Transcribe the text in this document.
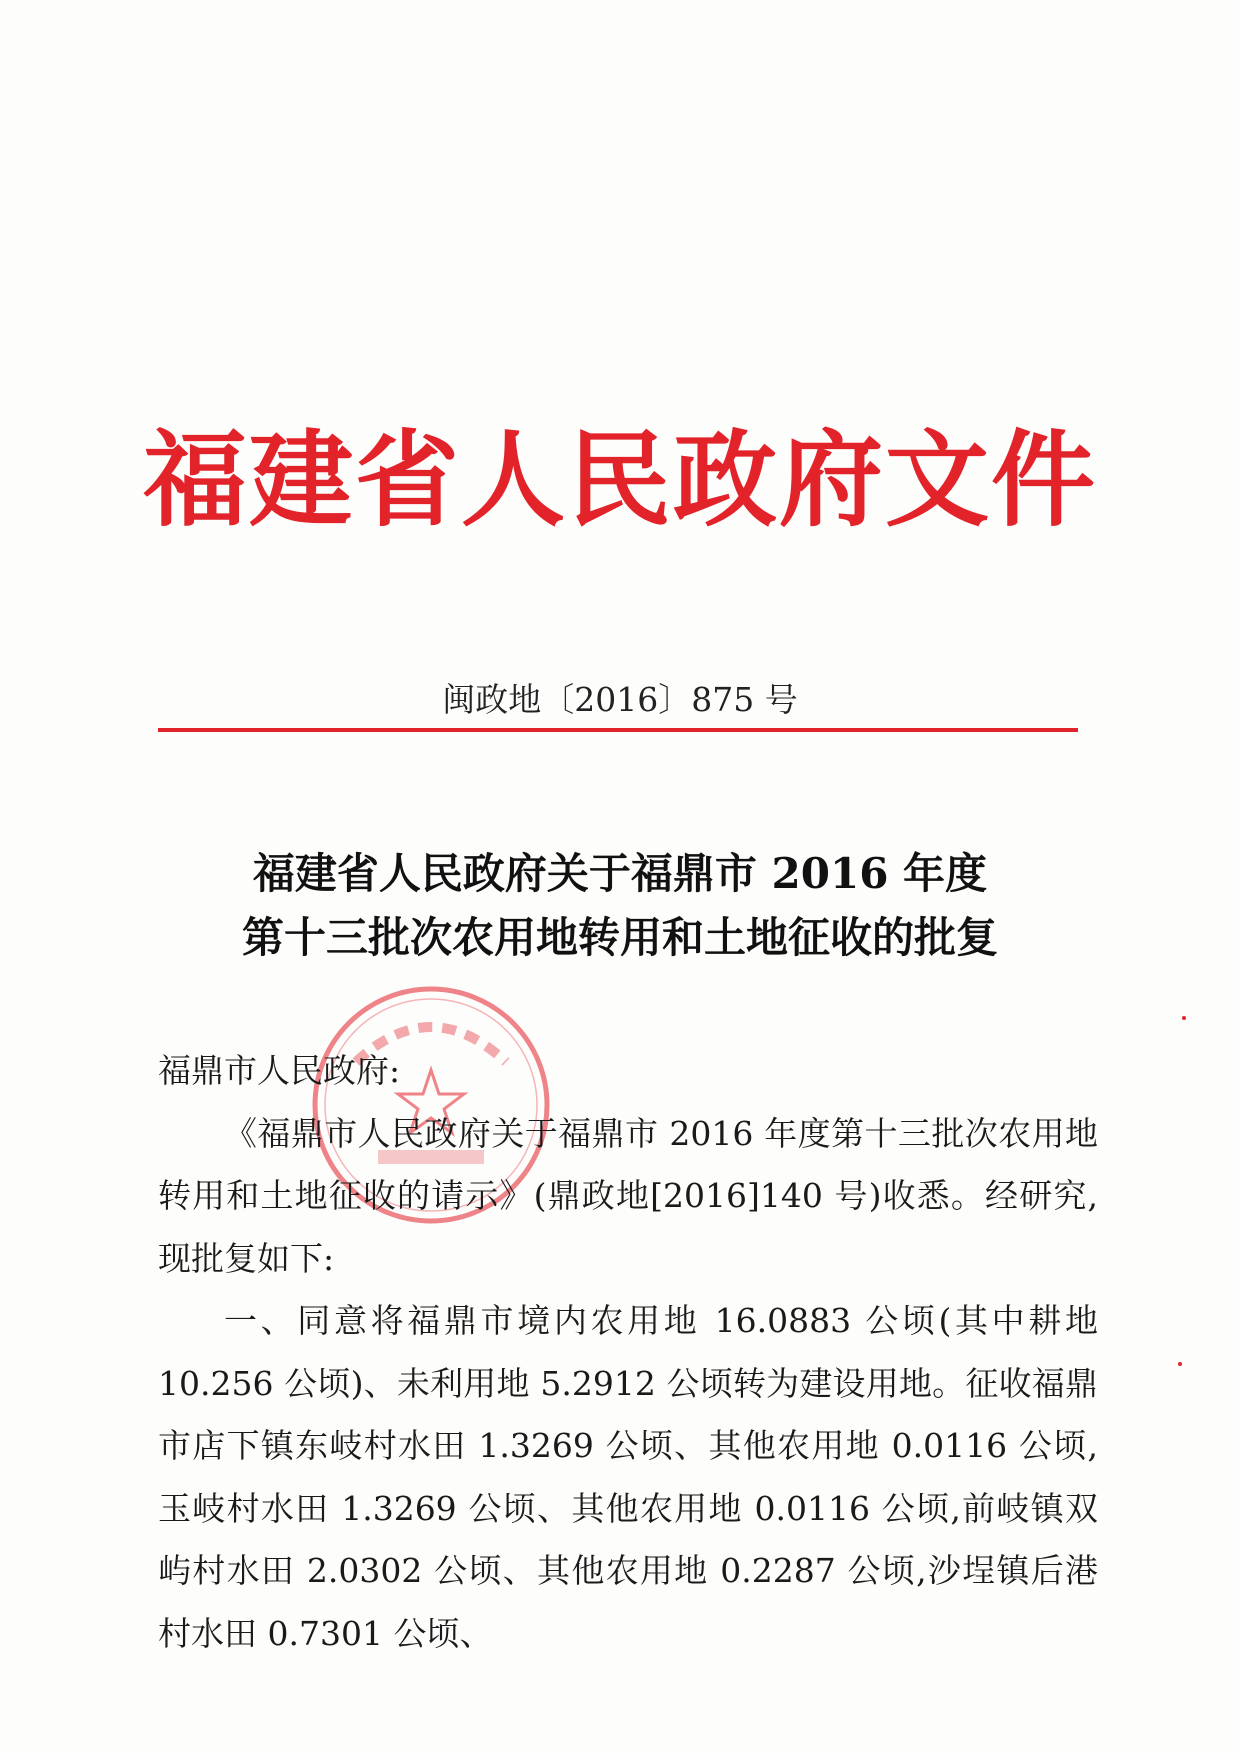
福建省人民政府文件
闽政地〔2016〕875 号
福建省人民政府关于福鼎市 2016 年度
第十三批次农用地转用和土地征收的批复

福鼎市人民政府:

《福鼎市人民政府关于福鼎市 2016 年度第十三批次农用地转用和土地征收的请示》(鼎政地[2016]140 号)收悉。经研究,现批复如下:

一、同意将福鼎市境内农用地 16.0883 公顷(其中耕地 10.256 公顷)、未利用地 5.2912 公顷转为建设用地。征收福鼎市店下镇东岐村水田 1.3269 公顷、其他农用地 0.0116 公顷,玉岐村水田 1.3269 公顷、其他农用地 0.0116 公顷,前岐镇双屿村水田 2.0302 公顷、其他农用地 0.2287 公顷,沙埕镇后港村水田 0.7301 公顷、
